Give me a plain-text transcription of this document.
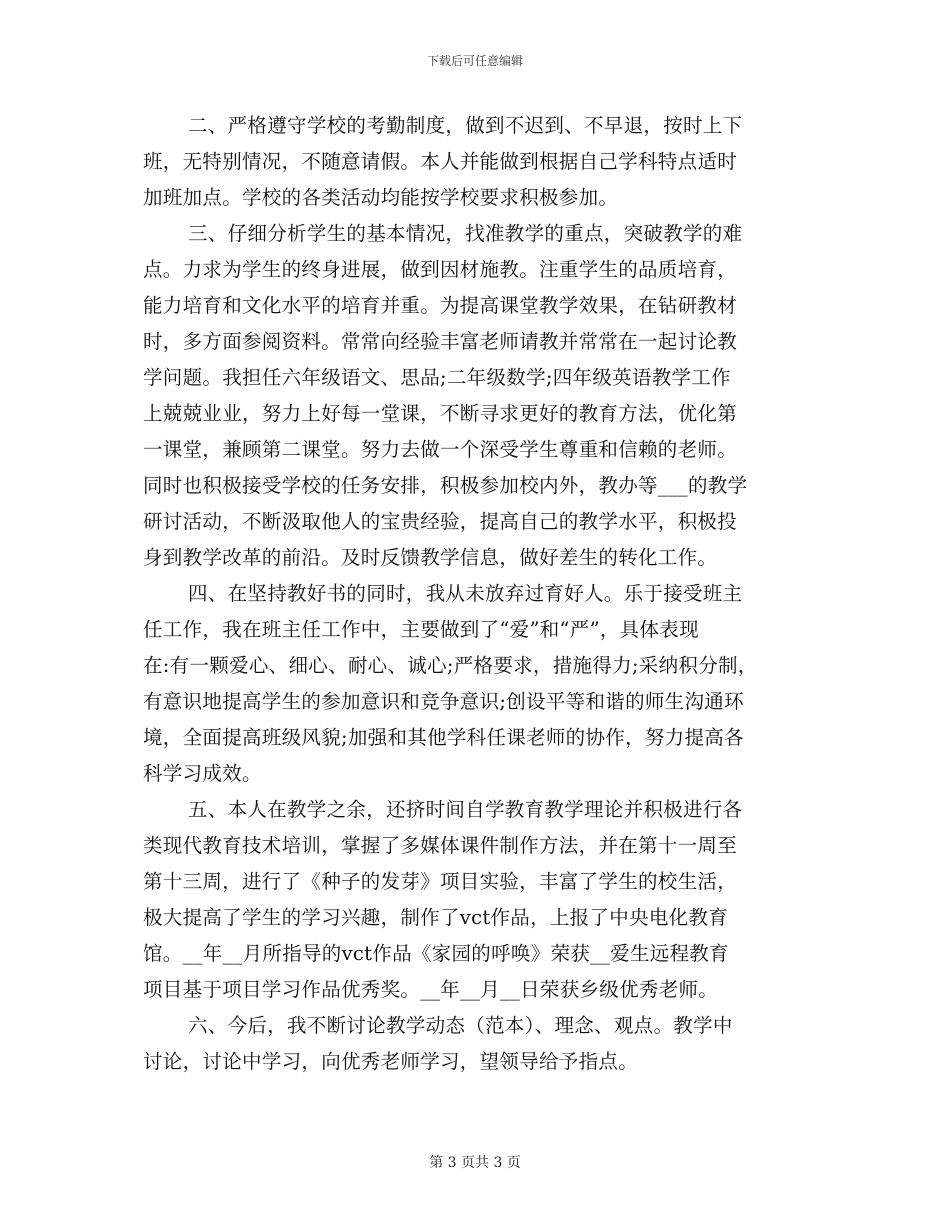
下载后可任意编辑
二、严格遵守学校的考勤制度，做到不迟到、不早退，按时上下
班，无特别情况，不随意请假。本人并能做到根据自己学科特点适时
加班加点。学校的各类活动均能按学校要求积极参加。
三、仔细分析学生的基本情况，找准教学的重点，突破教学的难
点。力求为学生的终身进展，做到因材施教。注重学生的品质培育，
能力培育和文化水平的培育并重。为提高课堂教学效果，在钻研教材
时，多方面参阅资料。常常向经验丰富老师请教并常常在一起讨论教
学问题。我担任六年级语文、思品;二年级数学;四年级英语教学工作
上兢兢业业，努力上好每一堂课，不断寻求更好的教育方法，优化第
一课堂，兼顾第二课堂。努力去做一个深受学生尊重和信赖的老师。
同时也积极接受学校的任务安排，积极参加校内外，教办等___的教学
研讨活动，不断汲取他人的宝贵经验，提高自己的教学水平，积极投
身到教学改革的前沿。及时反馈教学信息，做好差生的转化工作。
四、在坚持教好书的同时，我从未放弃过育好人。乐于接受班主
任工作，我在班主任工作中，主要做到了“爱”和“严”，具体表现
在:有一颗爱心、细心、耐心、诚心;严格要求，措施得力;采纳积分制，
有意识地提高学生的参加意识和竞争意识;创设平等和谐的师生沟通环
境，全面提高班级风貌;加强和其他学科任课老师的协作，努力提高各
科学习成效。
五、本人在教学之余，还挤时间自学教育教学理论并积极进行各
类现代教育技术培训，掌握了多媒体课件制作方法，并在第十一周至
第十三周，进行了《种子的发芽》项目实验，丰富了学生的校生活，
极大提高了学生的学习兴趣，制作了vct作品，上报了中央电化教育
馆。__年__月所指导的vct作品《家园的呼唤》荣获__爱生远程教育
项目基于项目学习作品优秀奖。__年__月__日荣获乡级优秀老师。
六、今后，我不断讨论教学动态（范本）、理念、观点。教学中
讨论，讨论中学习，向优秀老师学习，望领导给予指点。
第 3 页共 3 页
